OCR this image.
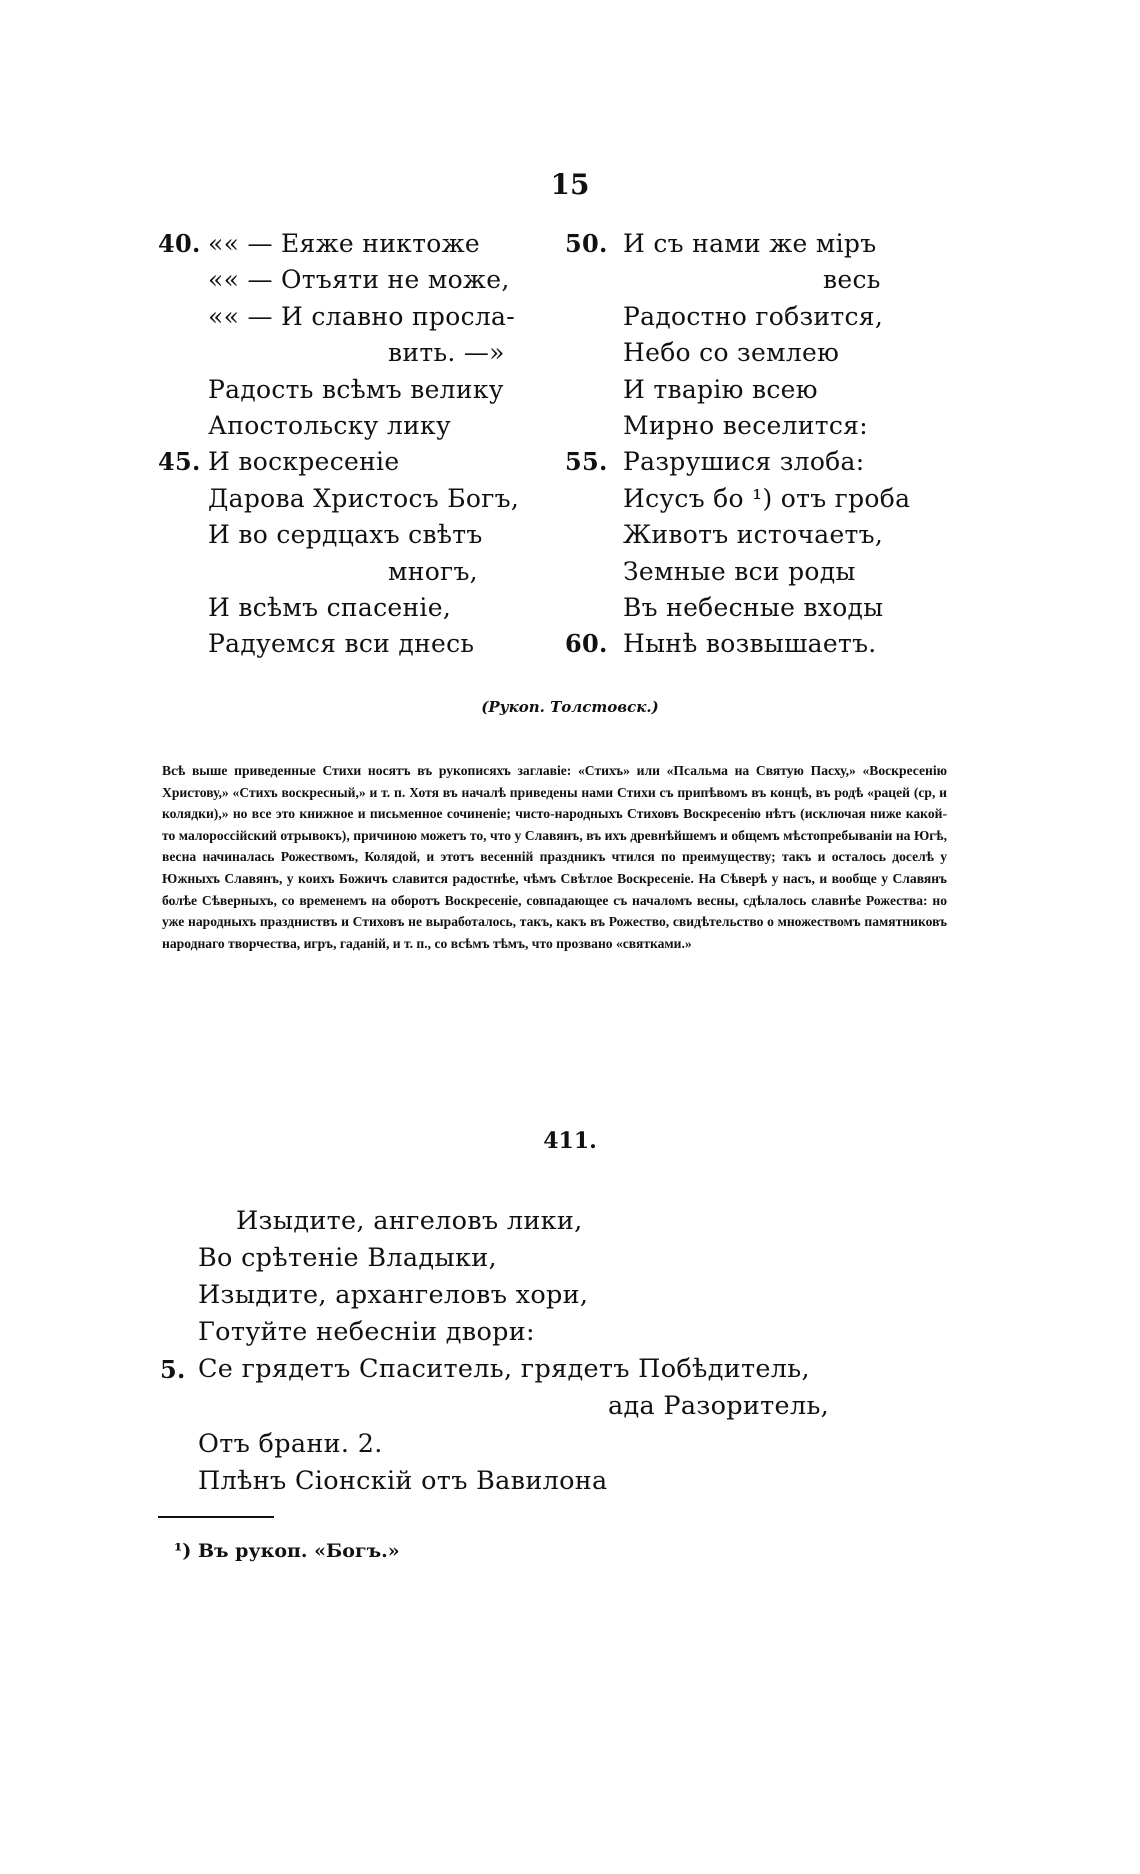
15
40. «« — Еяже никтоже
«« — Отъяти не може,
«« — И славно просла-
вить. —»
Радость всѣмъ велику
Апостольску лику
45. И воскресеніе
Дарова Христосъ Богъ,
И во сердцахъ свѣтъ
многъ,
И всѣмъ спасеніе,
Радуемся вси днесь
50. И съ нами же міръ
весь
Радостно гобзится,
Небо со землею
И тварію всею
Мирно веселится:
55. Разрушися злоба:
Исусъ бо ¹) отъ гроба
Животъ источаетъ,
Земные вси роды
Въ небесные входы
60. Нынѣ возвышаетъ.
(Рукоп. Толстовск.)
Всѣ выше приведенные Стихи носятъ въ рукописяхъ заглавіе: «Стихъ» или «Псальма на Святую Пасху,» «Воскресенію Христову,» «Стихъ воскресный,» и т. п. Хотя въ началѣ приведены нами Стихи съ припѣвомъ въ концѣ, въ родѣ «рацей (ср, и колядки),» но все это книжное и письменное сочиненіе; чисто-народныхъ Стиховъ Воскресенію нѣтъ (исключая ниже какой-то малороссійский отрывокъ), причиною можетъ то, что у Славянъ, въ ихъ древнѣйшемъ и общемъ мѣстопребываніи на Югѣ, весна начиналась Рожествомъ, Колядой, и этотъ весенній праздникъ чтился по преимуществу; такъ и осталось доселѣ у Южныхъ Славянъ, у коихъ Божичъ славится радостнѣе, чѣмъ Свѣтлое Воскресеніе. На Сѣверѣ у насъ, и вообще у Славянъ болѣе Сѣверныхъ, со временемъ на оборотъ Воскресеніе, совпадающее съ началомъ весны, сдѣлалось славнѣе Рожества: но уже народныхъ праздниствъ и Стиховъ не выработалось, такъ, какъ въ Рожество, свидѣтельство о множествомъ памятниковъ народнаго творчества, игръ, гаданій, и т. п., со всѣмъ тѣмъ, что прозвано «святками.»
411.
Изыдите, ангеловъ лики,
Во срѣтеніе Владыки,
Изыдите, архангеловъ хори,
Готуйте небесніи двори:
5. Се грядетъ Спаситель, грядетъ Побѣдитель,
ада Разоритель,
Отъ брани. 2.
Плѣнъ Сіонскій отъ Вавилона
¹) Въ рукоп. «Богъ.»
